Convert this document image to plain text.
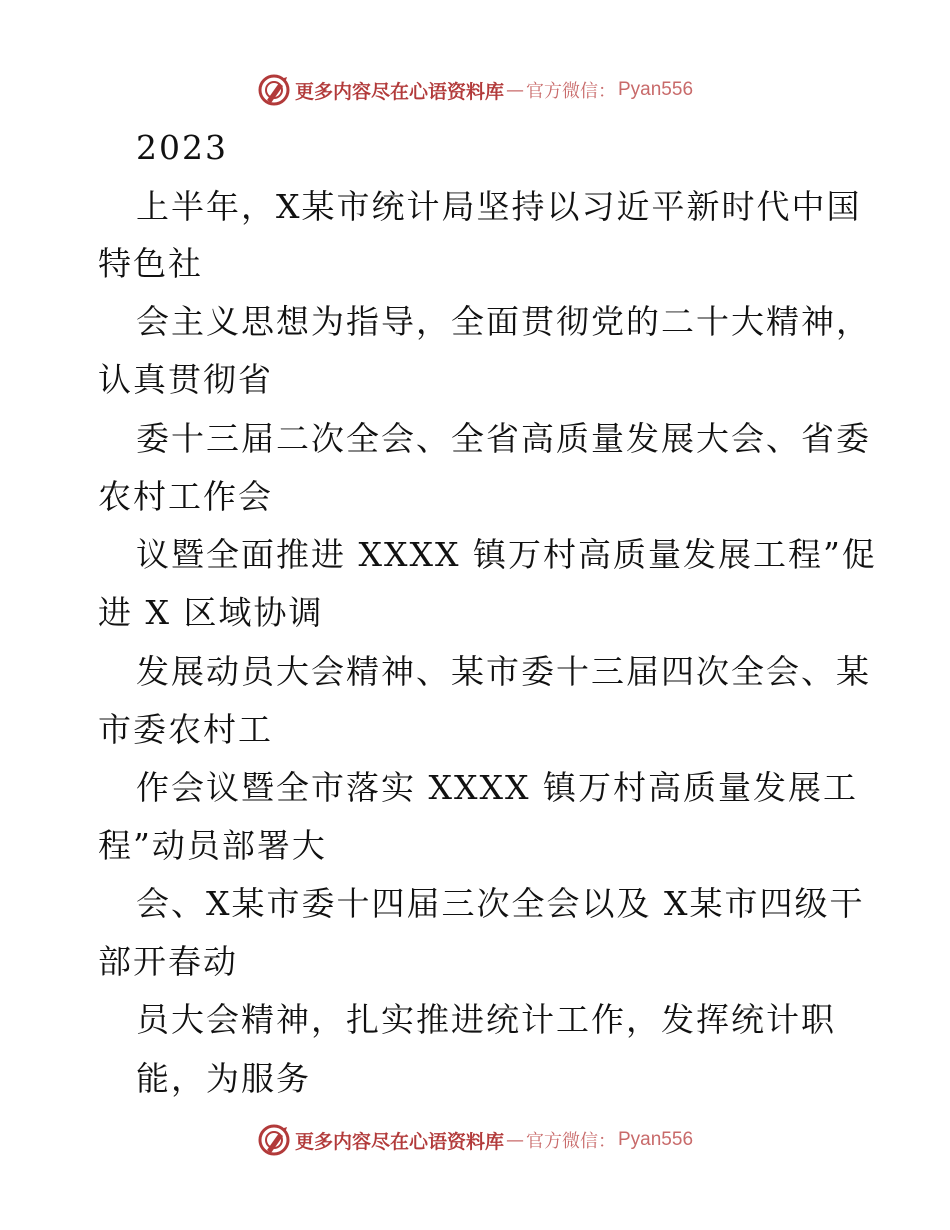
更多内容尽在心语资料库 — 官方微信： Pyan556
2023
上半年，X某市统计局坚持以习近平新时代中国
特色社
会主义思想为指导，全面贯彻党的二十大精神，
认真贯彻省
委十三届二次全会、全省高质量发展大会、省委
农村工作会
议暨全面推进 XXXX 镇万村高质量发展工程”促
进 X 区域协调
发展动员大会精神、某市委十三届四次全会、某
市委农村工
作会议暨全市落实 XXXX 镇万村高质量发展工
程”动员部署大
会、X某市委十四届三次全会以及 X某市四级干
部开春动
员大会精神，扎实推进统计工作，发挥统计职
能，为服务
更多内容尽在心语资料库 — 官方微信： Pyan556
